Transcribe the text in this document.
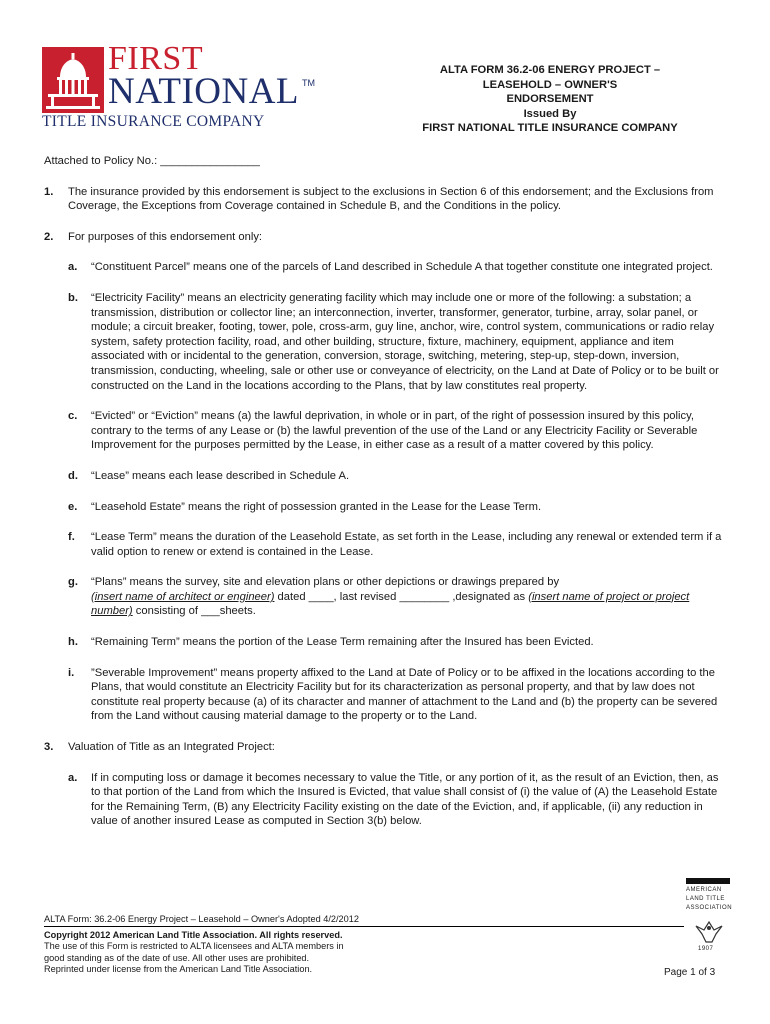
FIRST
NATIONAL TM
TITLE INSURANCE COMPANY
ALTA FORM 36.2-06 ENERGY PROJECT –
LEASEHOLD – OWNER'S
ENDORSEMENT
Issued By
FIRST NATIONAL TITLE INSURANCE COMPANY
Attached to Policy No.: ________________
1. The insurance provided by this endorsement is subject to the exclusions in Section 6 of this endorsement; and the Exclusions from Coverage, the Exceptions from Coverage contained in Schedule B, and the Conditions in the policy.
2. For purposes of this endorsement only:
a. “Constituent Parcel” means one of the parcels of Land described in Schedule A that together constitute one integrated project.
b. “Electricity Facility” means an electricity generating facility which may include one or more of the following: a substation; a transmission, distribution or collector line; an interconnection, inverter, transformer, generator, turbine, array, solar panel, or module; a circuit breaker, footing, tower, pole, cross-arm, guy line, anchor, wire, control system, communications or radio relay system, safety protection facility, road, and other building, structure, fixture, machinery, equipment, appliance and item associated with or incidental to the generation, conversion, storage, switching, metering, step-up, step-down, inversion, transmission, conducting, wheeling, sale or other use or conveyance of electricity, on the Land at Date of Policy or to be built or constructed on the Land in the locations according to the Plans, that by law constitutes real property.
c. “Evicted” or “Eviction” means (a) the lawful deprivation, in whole or in part, of the right of possession insured by this policy, contrary to the terms of any Lease or (b) the lawful prevention of the use of the Land or any Electricity Facility or Severable Improvement for the purposes permitted by the Lease, in either case as a result of a matter covered by this policy.
d. “Lease” means each lease described in Schedule A.
e. “Leasehold Estate” means the right of possession granted in the Lease for the Lease Term.
f. “Lease Term” means the duration of the Leasehold Estate, as set forth in the Lease, including any renewal or extended term if a valid option to renew or extend is contained in the Lease.
g. “Plans” means the survey, site and elevation plans or other depictions or drawings prepared by
(insert name of architect or engineer) dated ____, last revised ________ ,designated as (insert name of project or project number) consisting of ___sheets.
h. “Remaining Term” means the portion of the Lease Term remaining after the Insured has been Evicted.
i. ”Severable Improvement” means property affixed to the Land at Date of Policy or to be affixed in the locations according to the Plans, that would constitute an Electricity Facility but for its characterization as personal property, and that by law does not constitute real property because (a) of its character and manner of attachment to the Land and (b) the property can be severed from the Land without causing material damage to the property or to the Land.
3. Valuation of Title as an Integrated Project:
a. If in computing loss or damage it becomes necessary to value the Title, or any portion of it, as the result of an Eviction, then, as to that portion of the Land from which the Insured is Evicted, that value shall consist of (i) the value of (A) the Leasehold Estate for the Remaining Term, (B) any Electricity Facility existing on the date of the Eviction, and, if applicable, (ii) any reduction in value of another insured Lease as computed in Section 3(b) below.
ALTA Form: 36.2-06 Energy Project – Leasehold – Owner's Adopted 4/2/2012
Copyright 2012 American Land Title Association. All rights reserved.
The use of this Form is restricted to ALTA licensees and ALTA members in
good standing as of the date of use. All other uses are prohibited.
Reprinted under license from the American Land Title Association.	Page 1 of 3
AMERICAN
LAND TITLE
ASSOCIATION
1907
